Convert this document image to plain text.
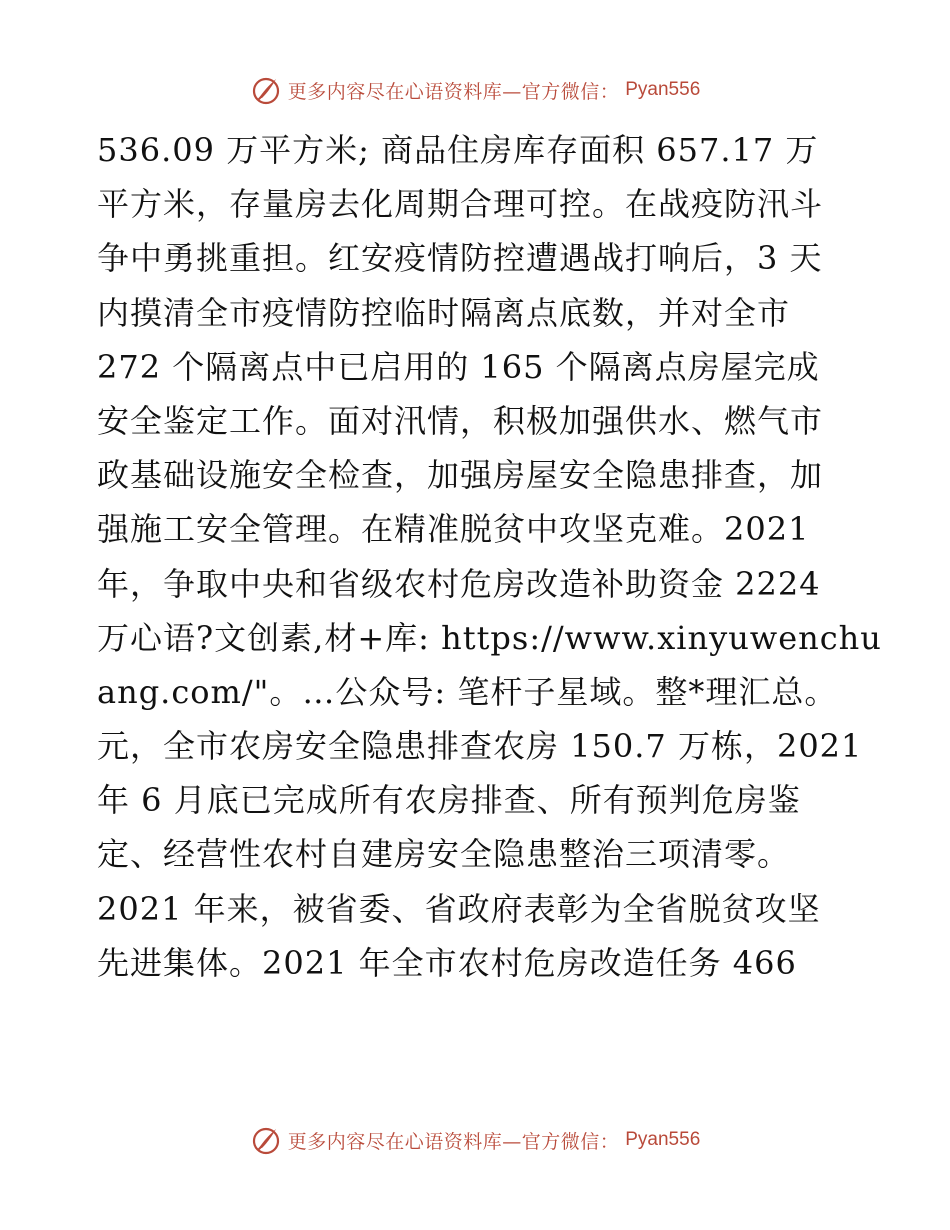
更多内容尽在心语资料库—官方微信： Pyan556
536.09 万平方米; 商品住房库存面积 657.17 万
平方米，存量房去化周期合理可控。在战疫防汛斗
争中勇挑重担。红安疫情防控遭遇战打响后，3 天
内摸清全市疫情防控临时隔离点底数，并对全市
272 个隔离点中已启用的 165 个隔离点房屋完成
安全鉴定工作。面对汛情，积极加强供水、燃气市
政基础设施安全检查，加强房屋安全隐患排查，加
强施工安全管理。在精准脱贫中攻坚克难。2021
年，争取中央和省级农村危房改造补助资金 2224
万心语?文创素,材+库: https://www.xinyuwenchu
ang.com/"。…公众号: 笔杆子星域。整*理汇总。
元，全市农房安全隐患排查农房 150.7 万栋，2021
年 6 月底已完成所有农房排查、所有预判危房鉴
定、经营性农村自建房安全隐患整治三项清零。
2021 年来，被省委、省政府表彰为全省脱贫攻坚
先进集体。2021 年全市农村危房改造任务 466
更多内容尽在心语资料库—官方微信： Pyan556
